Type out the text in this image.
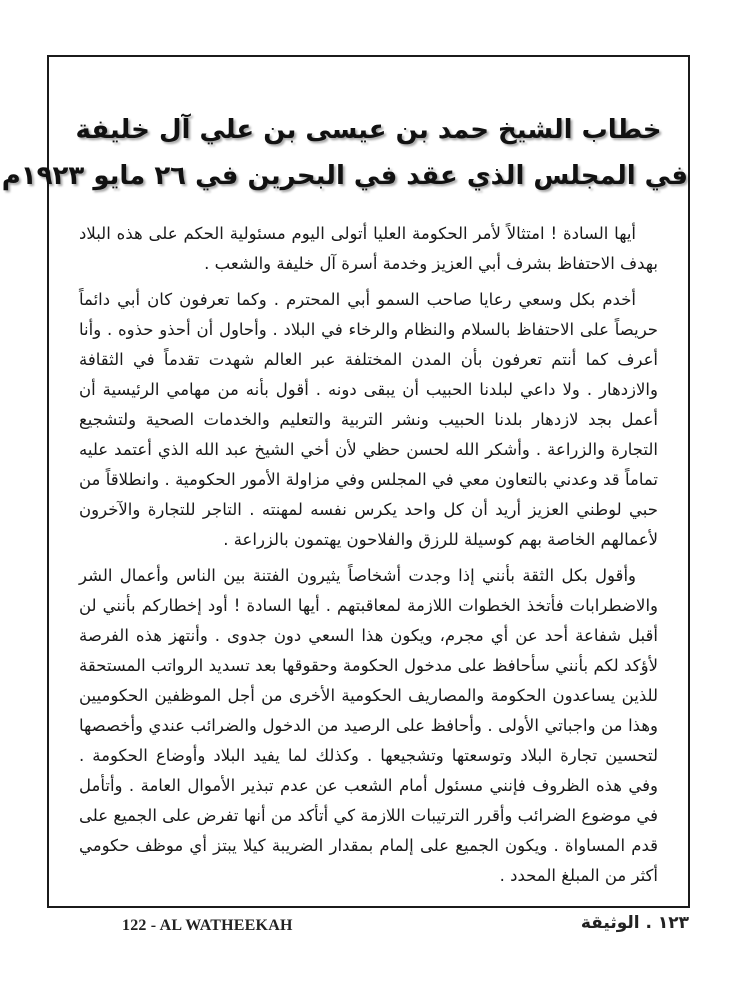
خطاب الشيخ حمد بن عيسى بن علي آل خليفة
في المجلس الذي عقد في البحرين في ٢٦ مايو ١٩٢٣م

أيها السادة ! امتثالاً لأمر الحكومة العليا أتولى اليوم مسئولية الحكم على هذه البلاد بهدف الاحتفاظ بشرف أبي العزيز وخدمة أسرة آل خليفة والشعب .

أخدم بكل وسعي رعايا صاحب السمو أبي المحترم . وكما تعرفون كان أبي دائماً حريصاً على الاحتفاظ بالسلام والنظام والرخاء في البلاد . وأحاول أن أحذو حذوه . وأنا أعرف كما أنتم تعرفون بأن المدن المختلفة عبر العالم شهدت تقدماً في الثقافة والازدهار . ولا داعي لبلدنا الحبيب أن يبقى دونه . أقول بأنه من مهامي الرئيسية أن أعمل بجد لازدهار بلدنا الحبيب ونشر التربية والتعليم والخدمات الصحية ولتشجيع التجارة والزراعة . وأشكر الله لحسن حظي لأن أخي الشيخ عبد الله الذي أعتمد عليه تماماً قد وعدني بالتعاون معي في المجلس وفي مزاولة الأمور الحكومية . وانطلاقاً من حبي لوطني العزيز أريد أن كل واحد يكرس نفسه لمهنته . التاجر للتجارة والآخرون لأعمالهم الخاصة بهم كوسيلة للرزق والفلاحون يهتمون بالزراعة .

وأقول بكل الثقة بأنني إذا وجدت أشخاصاً يثيرون الفتنة بين الناس وأعمال الشر والاضطرابات فأتخذ الخطوات اللازمة لمعاقبتهم . أيها السادة ! أود إخطاركم بأنني لن أقبل شفاعة أحد عن أي مجرم، ويكون هذا السعي دون جدوى . وأنتهز هذه الفرصة لأؤكد لكم بأنني سأحافظ على مدخول الحكومة وحقوقها بعد تسديد الرواتب المستحقة للذين يساعدون الحكومة والمصاريف الحكومية الأخرى من أجل الموظفين الحكوميين وهذا من واجباتي الأولى . وأحافظ على الرصيد من الدخول والضرائب عندي وأخصصها لتحسين تجارة البلاد وتوسعتها وتشجيعها . وكذلك لما يفيد البلاد وأوضاع الحكومة . وفي هذه الظروف فإنني مسئول أمام الشعب عن عدم تبذير الأموال العامة . وأتأمل في موضوع الضرائب وأقرر الترتيبات اللازمة كي أتأكد من أنها تفرض على الجميع على قدم المساواة . ويكون الجميع على إلمام بمقدار الضريبة كيلا يبتز أي موظف حكومي أكثر من المبلغ المحدد .

122 - AL WATHEEKAH	١٢٣ . الوثيقة
